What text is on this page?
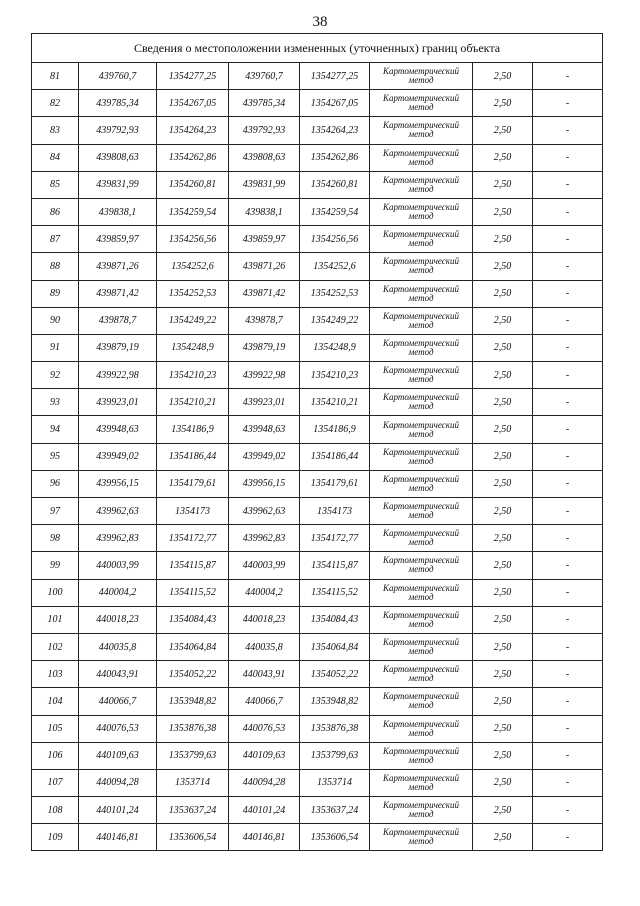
38
Сведения о местоположении измененных (уточненных) границ объекта							
81	439760,7	1354277,25	439760,7	1354277,25	Картометрический метод	2,50	-
82	439785,34	1354267,05	439785,34	1354267,05	Картометрический метод	2,50	-
83	439792,93	1354264,23	439792,93	1354264,23	Картометрический метод	2,50	-
84	439808,63	1354262,86	439808,63	1354262,86	Картометрический метод	2,50	-
85	439831,99	1354260,81	439831,99	1354260,81	Картометрический метод	2,50	-
86	439838,1	1354259,54	439838,1	1354259,54	Картометрический метод	2,50	-
87	439859,97	1354256,56	439859,97	1354256,56	Картометрический метод	2,50	-
88	439871,26	1354252,6	439871,26	1354252,6	Картометрический метод	2,50	-
89	439871,42	1354252,53	439871,42	1354252,53	Картометрический метод	2,50	-
90	439878,7	1354249,22	439878,7	1354249,22	Картометрический метод	2,50	-
91	439879,19	1354248,9	439879,19	1354248,9	Картометрический метод	2,50	-
92	439922,98	1354210,23	439922,98	1354210,23	Картометрический метод	2,50	-
93	439923,01	1354210,21	439923,01	1354210,21	Картометрический метод	2,50	-
94	439948,63	1354186,9	439948,63	1354186,9	Картометрический метод	2,50	-
95	439949,02	1354186,44	439949,02	1354186,44	Картометрический метод	2,50	-
96	439956,15	1354179,61	439956,15	1354179,61	Картометрический метод	2,50	-
97	439962,63	1354173	439962,63	1354173	Картометрический метод	2,50	-
98	439962,83	1354172,77	439962,83	1354172,77	Картометрический метод	2,50	-
99	440003,99	1354115,87	440003,99	1354115,87	Картометрический метод	2,50	-
100	440004,2	1354115,52	440004,2	1354115,52	Картометрический метод	2,50	-
101	440018,23	1354084,43	440018,23	1354084,43	Картометрический метод	2,50	-
102	440035,8	1354064,84	440035,8	1354064,84	Картометрический метод	2,50	-
103	440043,91	1354052,22	440043,91	1354052,22	Картометрический метод	2,50	-
104	440066,7	1353948,82	440066,7	1353948,82	Картометрический метод	2,50	-
105	440076,53	1353876,38	440076,53	1353876,38	Картометрический метод	2,50	-
106	440109,63	1353799,63	440109,63	1353799,63	Картометрический метод	2,50	-
107	440094,28	1353714	440094,28	1353714	Картометрический метод	2,50	-
108	440101,24	1353637,24	440101,24	1353637,24	Картометрический метод	2,50	-
109	440146,81	1353606,54	440146,81	1353606,54	Картометрический метод	2,50	-
